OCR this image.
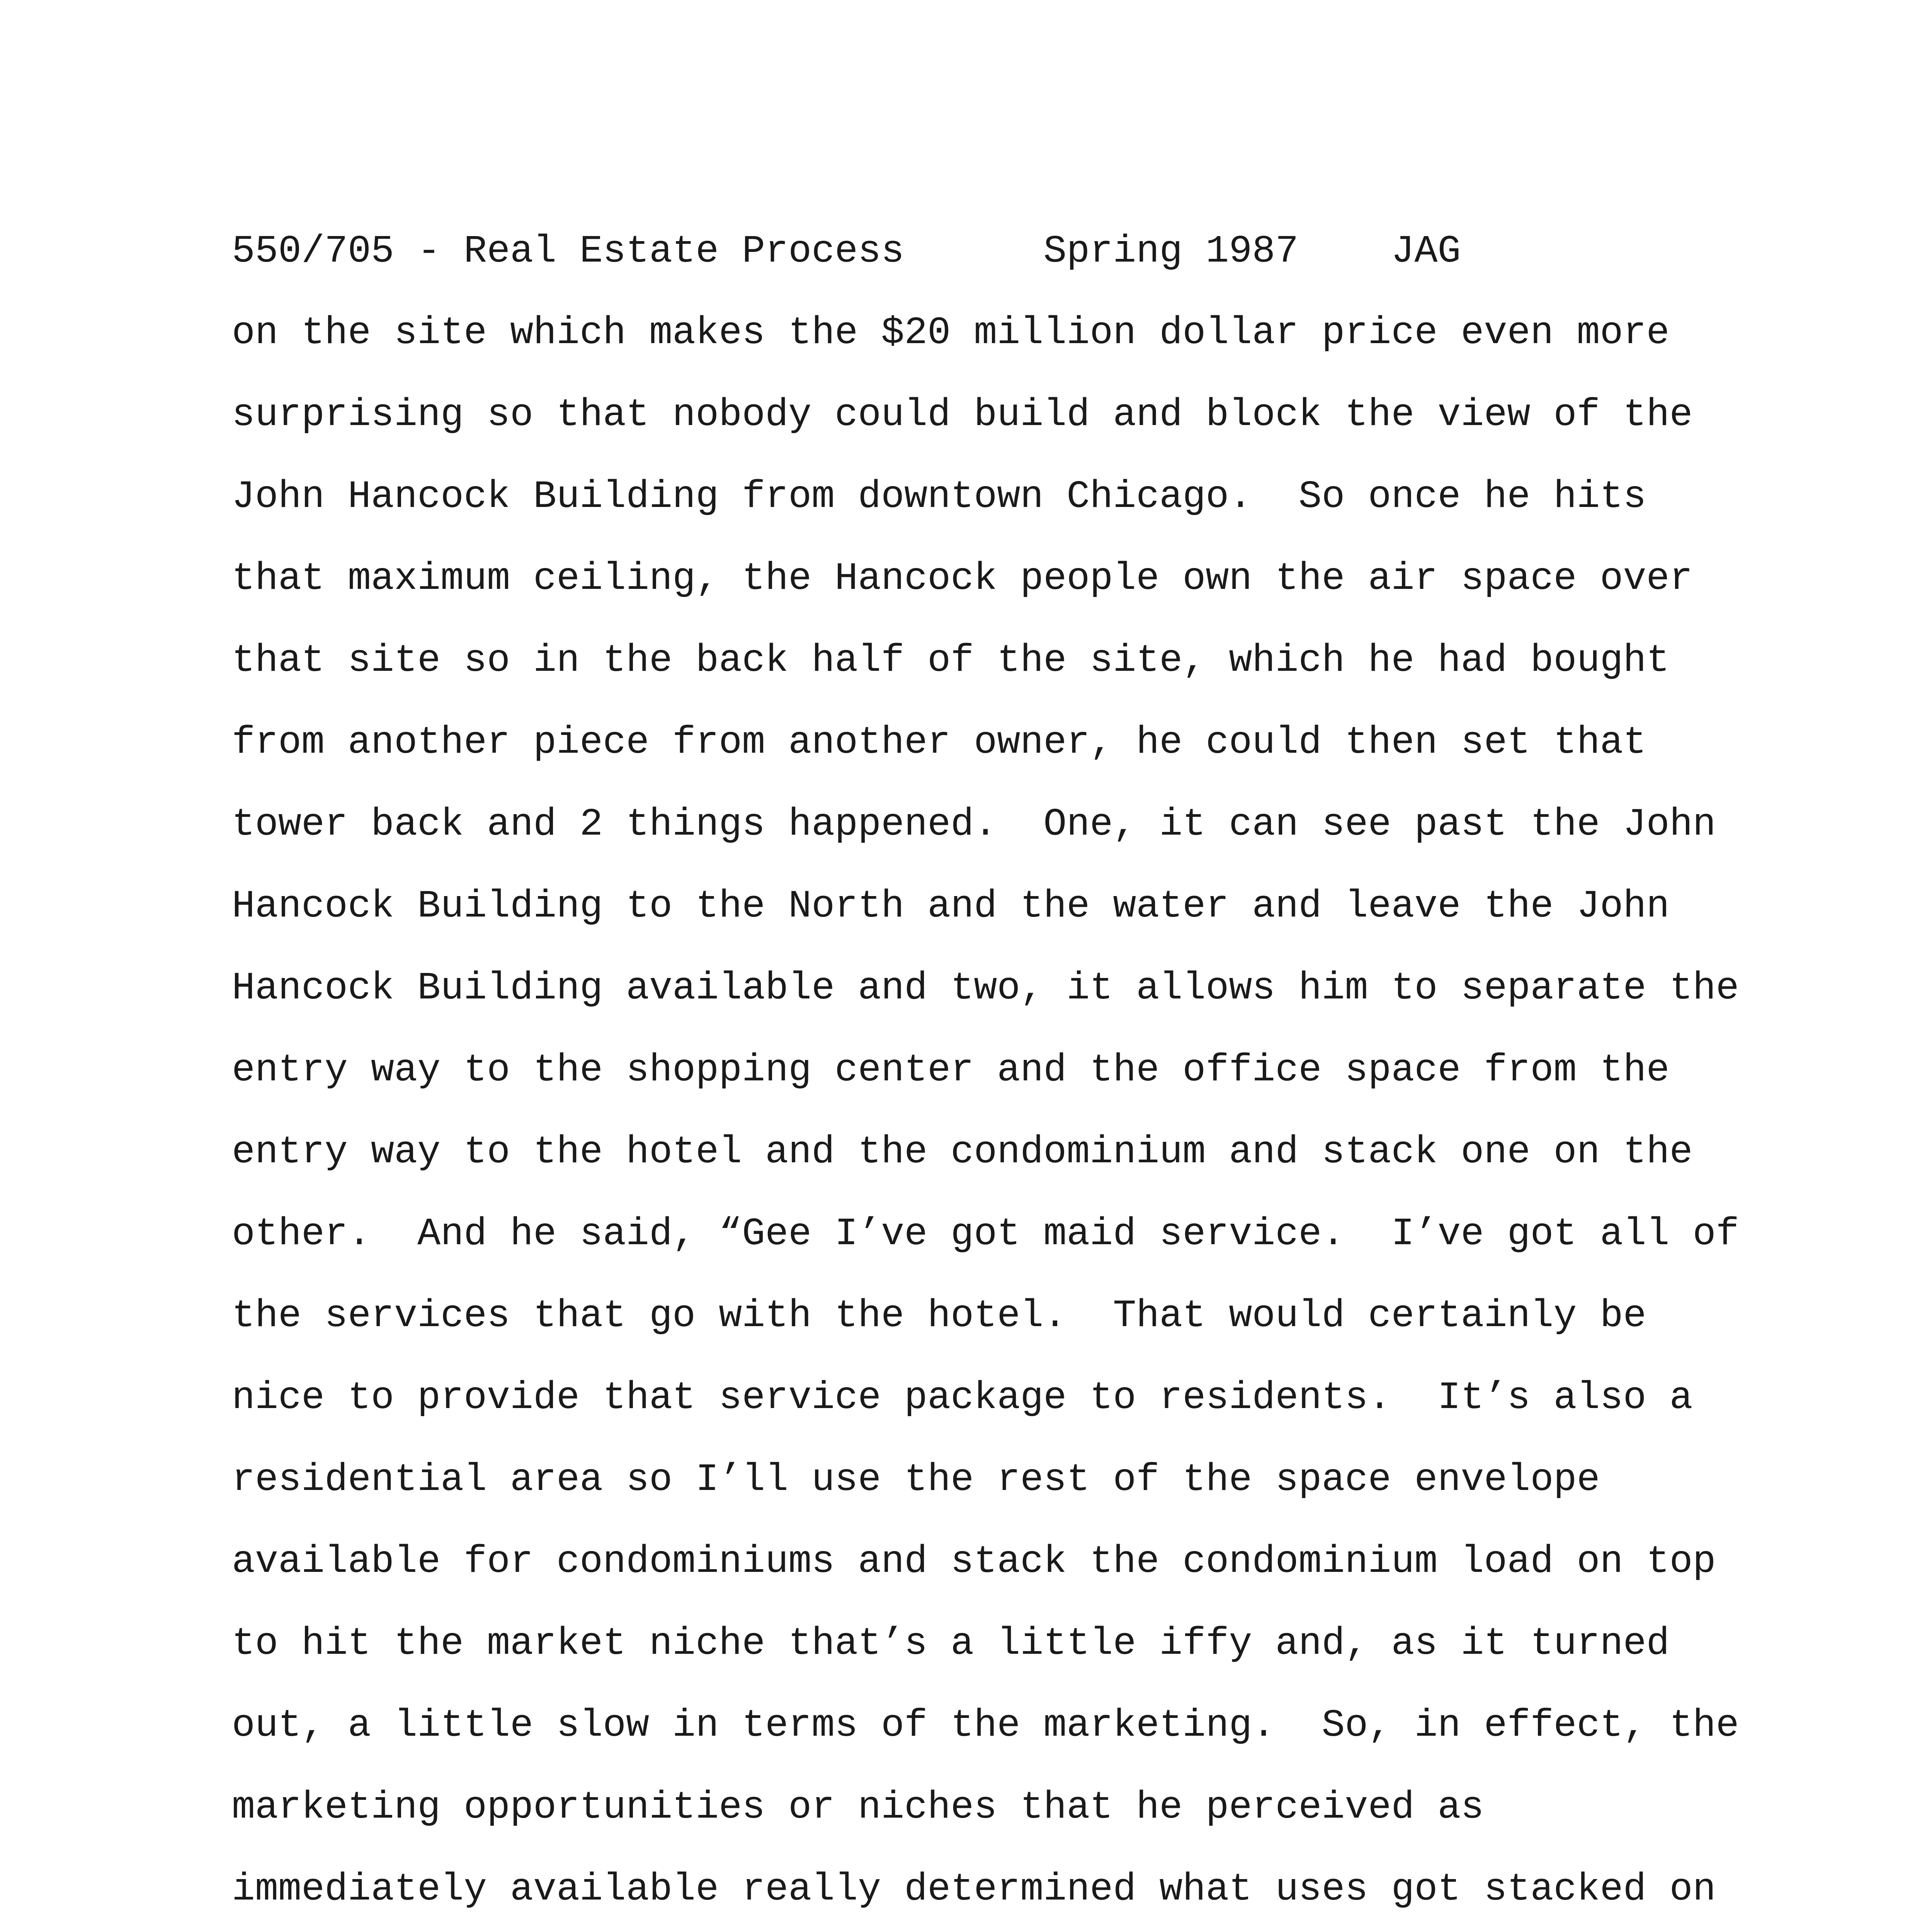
550/705 - Real Estate Process      Spring 1987    JAG
on the site which makes the $20 million dollar price even more
surprising so that nobody could build and block the view of the
John Hancock Building from downtown Chicago.  So once he hits
that maximum ceiling, the Hancock people own the air space over
that site so in the back half of the site, which he had bought
from another piece from another owner, he could then set that
tower back and 2 things happened.  One, it can see past the John
Hancock Building to the North and the water and leave the John
Hancock Building available and two, it allows him to separate the
entry way to the shopping center and the office space from the
entry way to the hotel and the condominium and stack one on the
other.  And he said, “Gee I’ve got maid service.  I’ve got all of
the services that go with the hotel.  That would certainly be
nice to provide that service package to residents.  It’s also a
residential area so I’ll use the rest of the space envelope
available for condominiums and stack the condominium load on top
to hit the market niche that’s a little iffy and, as it turned
out, a little slow in terms of the marketing.  So, in effect, the
marketing opportunities or niches that he perceived as
immediately available really determined what uses got stacked on
